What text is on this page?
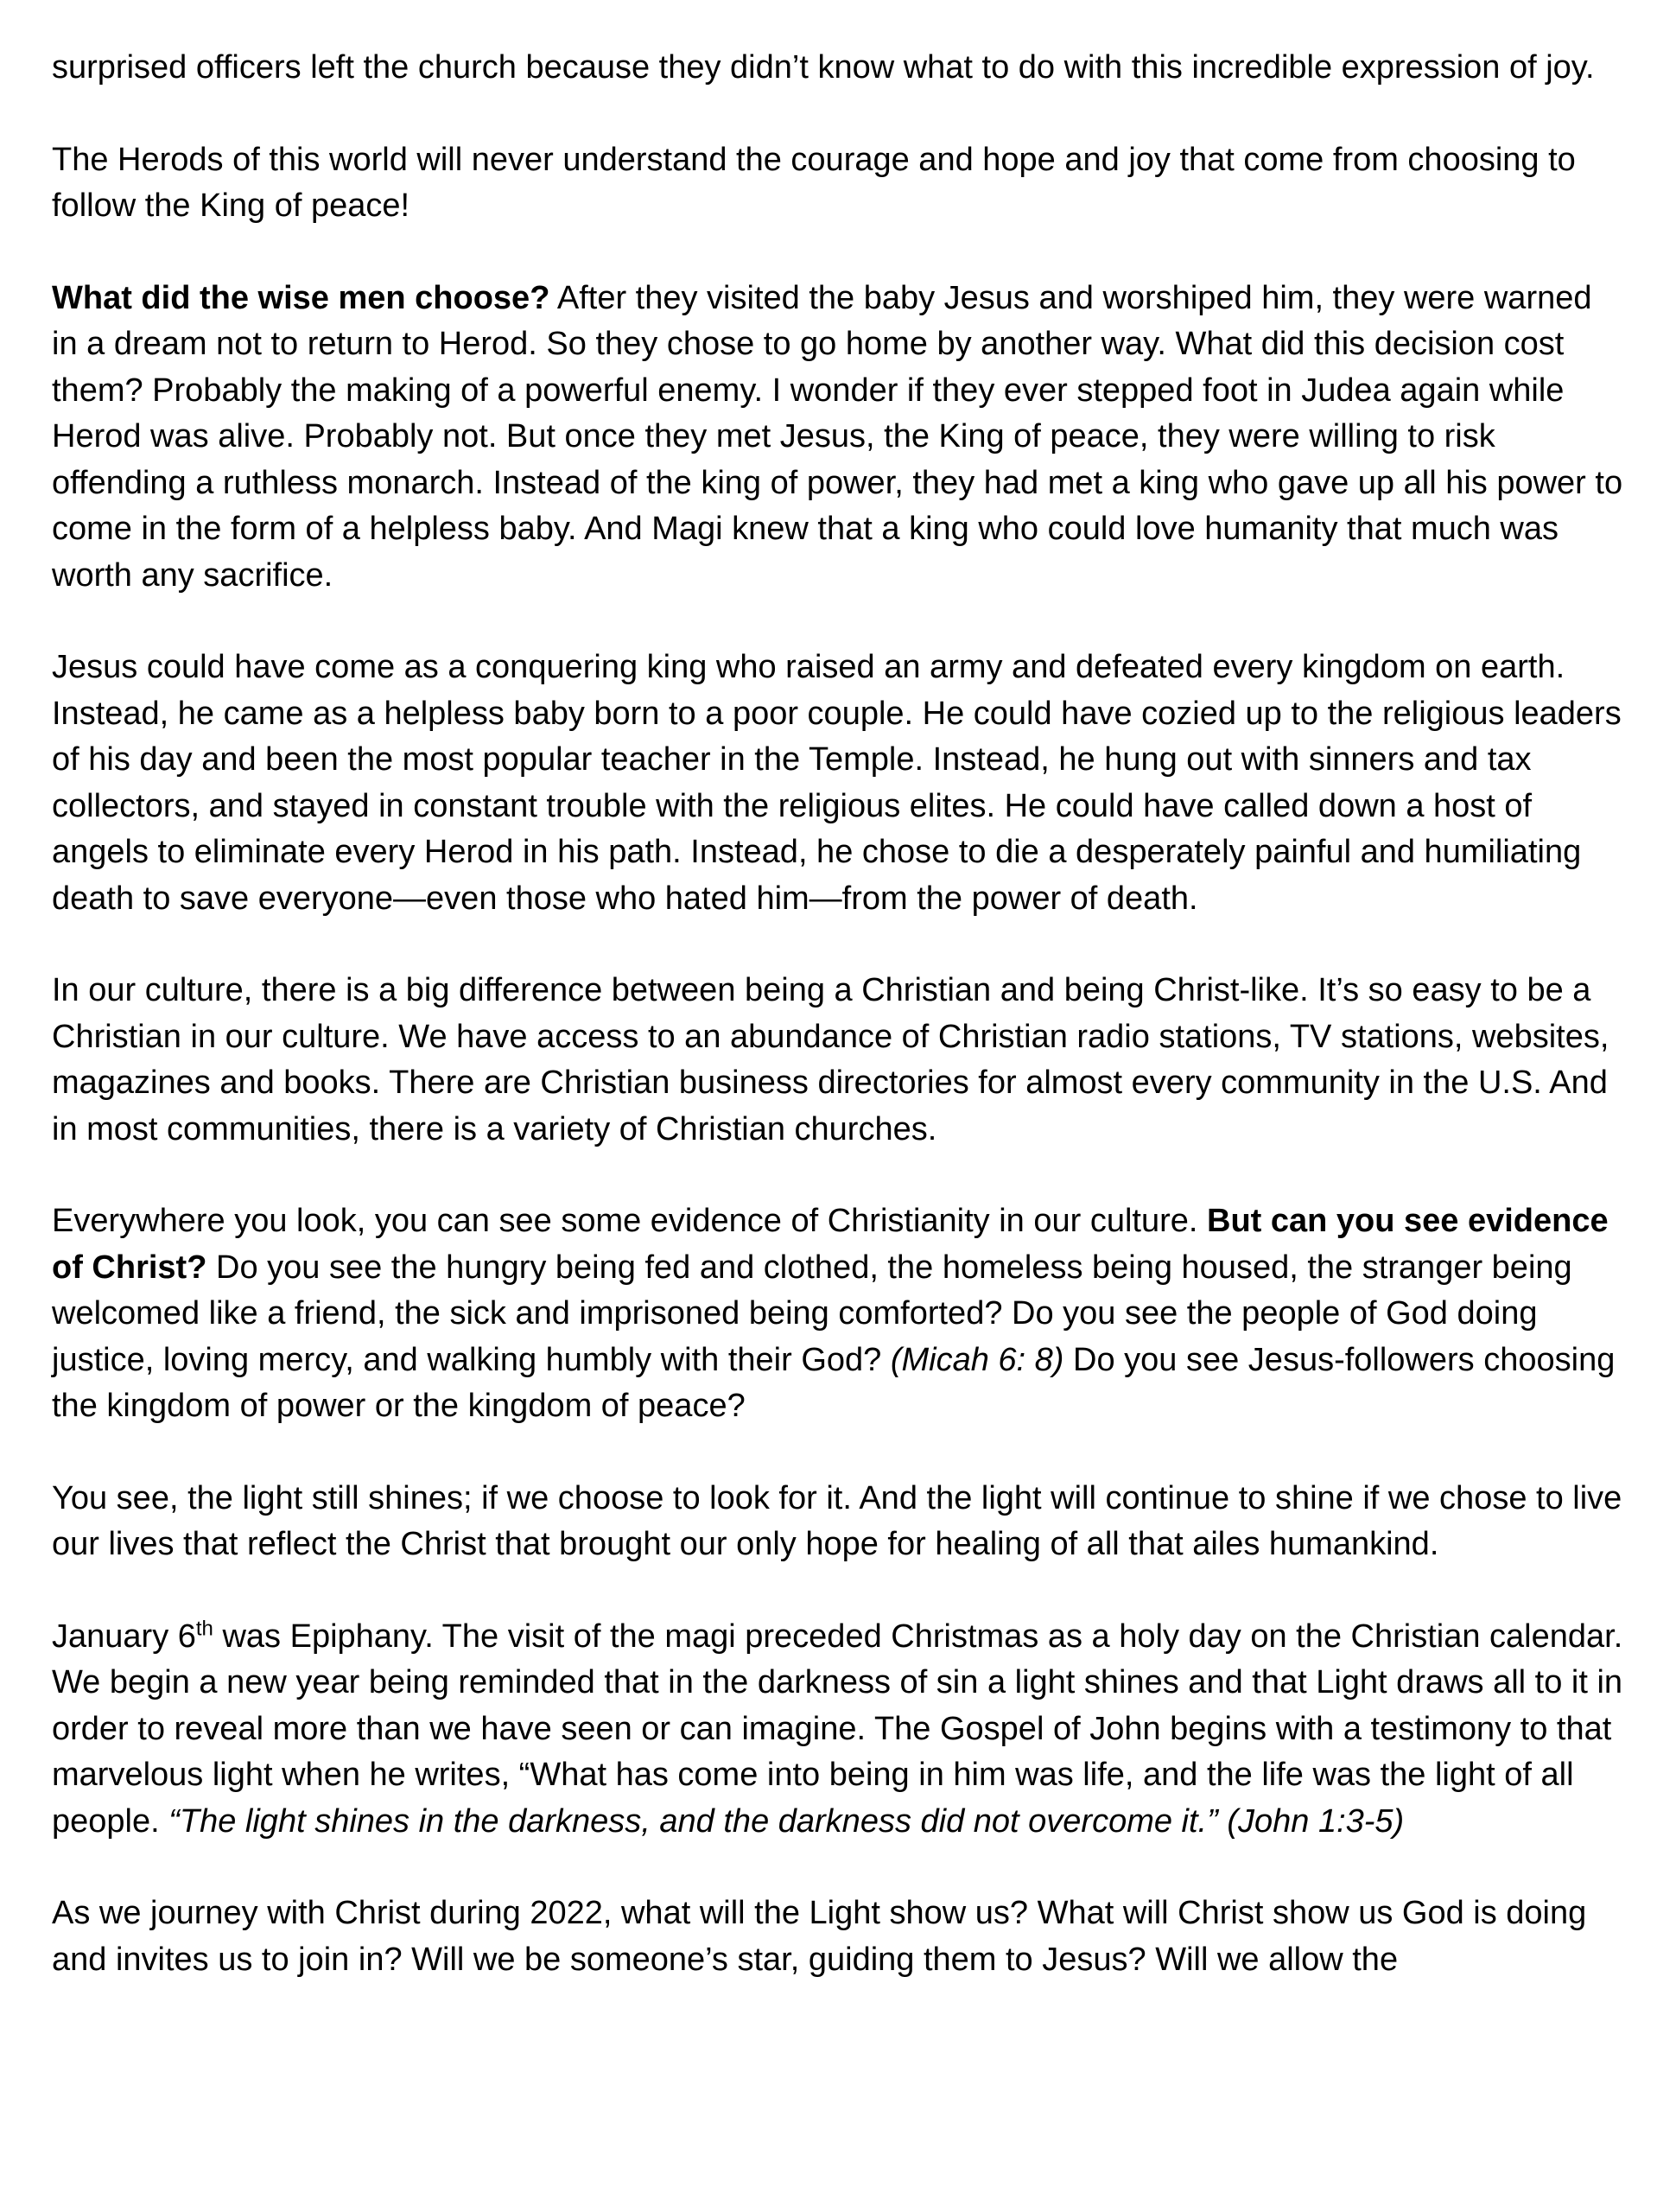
surprised officers left the church because they didn’t know what to do with this incredible expression of joy.

The Herods of this world will never understand the courage and hope and joy that come from choosing to follow the King of peace!

What did the wise men choose? After they visited the baby Jesus and worshiped him, they were warned in a dream not to return to Herod. So they chose to go home by another way. What did this decision cost them? Probably the making of a powerful enemy. I wonder if they ever stepped foot in Judea again while Herod was alive. Probably not. But once they met Jesus, the King of peace, they were willing to risk offending a ruthless monarch. Instead of the king of power, they had met a king who gave up all his power to come in the form of a helpless baby. And Magi knew that a king who could love humanity that much was worth any sacrifice.

Jesus could have come as a conquering king who raised an army and defeated every kingdom on earth. Instead, he came as a helpless baby born to a poor couple. He could have cozied up to the religious leaders of his day and been the most popular teacher in the Temple. Instead, he hung out with sinners and tax collectors, and stayed in constant trouble with the religious elites. He could have called down a host of angels to eliminate every Herod in his path. Instead, he chose to die a desperately painful and humiliating death to save everyone—even those who hated him—from the power of death.

In our culture, there is a big difference between being a Christian and being Christ-like. It’s so easy to be a Christian in our culture. We have access to an abundance of Christian radio stations, TV stations, websites, magazines and books. There are Christian business directories for almost every community in the U.S. And in most communities, there is a variety of Christian churches.

Everywhere you look, you can see some evidence of Christianity in our culture. But can you see evidence of Christ? Do you see the hungry being fed and clothed, the homeless being housed, the stranger being welcomed like a friend, the sick and imprisoned being comforted? Do you see the people of God doing justice, loving mercy, and walking humbly with their God? (Micah 6: 8) Do you see Jesus-followers choosing the kingdom of power or the kingdom of peace?

You see, the light still shines; if we choose to look for it. And the light will continue to shine if we chose to live our lives that reflect the Christ that brought our only hope for healing of all that ailes humankind.

January 6th was Epiphany. The visit of the magi preceded Christmas as a holy day on the Christian calendar. We begin a new year being reminded that in the darkness of sin a light shines and that Light draws all to it in order to reveal more than we have seen or can imagine. The Gospel of John begins with a testimony to that marvelous light when he writes, “What has come into being in him was life, and the life was the light of all people. “The light shines in the darkness, and the darkness did not overcome it.” (John 1:3-5)

As we journey with Christ during 2022, what will the Light show us? What will Christ show us God is doing and invites us to join in? Will we be someone’s star, guiding them to Jesus? Will we allow the
